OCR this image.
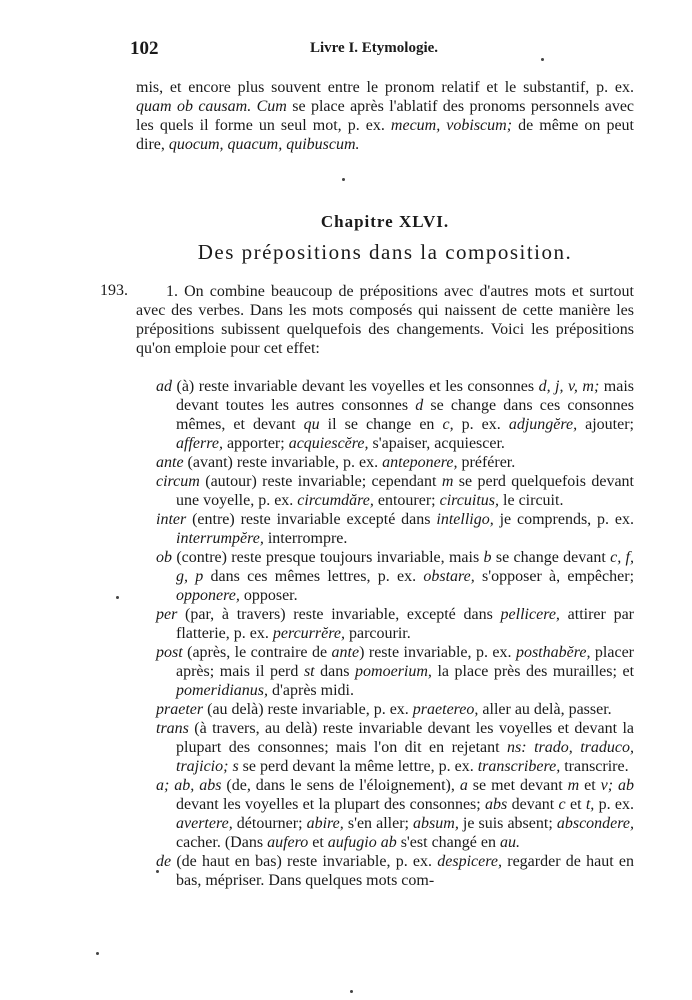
102	Livre I. Etymologie.

mis, et encore plus souvent entre le pronom relatif et le substantif, p. ex. quam ob causam. Cum se place après l'ablatif des pronoms personnels avec les quels il forme un seul mot, p. ex. mecum, vobiscum; de même on peut dire, quocum, quacum, quibuscum.

Chapitre XLVI.
Des prépositions dans la composition.
193.	1. On combine beaucoup de prépositions avec d'autres mots et surtout avec des verbes. Dans les mots composés qui naissent de cette manière les prépositions subissent quelquefois des changements. Voici les prépositions qu'on emploie pour cet effet:

ad (à) reste invariable devant les voyelles et les consonnes d, j, v, m; mais devant toutes les autres consonnes d se change dans ces consonnes mêmes, et devant qu il se change en c, p. ex. adjungĕre, ajouter; afferre, apporter; acquiescĕre, s'apaiser, acquiescer.

ante (avant) reste invariable, p. ex. anteponere, préférer.

circum (autour) reste invariable; cependant m se perd quelquefois devant une voyelle, p. ex. circumdăre, entourer; circuitus, le circuit.

inter (entre) reste invariable excepté dans intelligo, je comprends, p. ex. interrumpĕre, interrompre.

ob (contre) reste presque toujours invariable, mais b se change devant c, f, g, p dans ces mêmes lettres, p. ex. obstare, s'opposer à, empêcher; opponere, opposer.

per (par, à travers) reste invariable, excepté dans pellicere, attirer par flatterie, p. ex. percurrĕre, parcourir.

post (après, le contraire de ante) reste invariable, p. ex. posthabĕre, placer après; mais il perd st dans pomoerium, la place près des murailles; et pomeridianus, d'après midi.

praeter (au delà) reste invariable, p. ex. praetereo, aller au delà, passer.

trans (à travers, au delà) reste invariable devant les voyelles et devant la plupart des consonnes; mais l'on dit en rejetant ns: trado, traduco, trajicio; s se perd devant la même lettre, p. ex. transcribere, transcrire.

a; ab, abs (de, dans le sens de l'éloignement), a se met devant m et v; ab devant les voyelles et la plupart des consonnes; abs devant c et t, p. ex. avertere, détourner; abire, s'en aller; absum, je suis absent; abscondere, cacher. (Dans aufero et aufugio ab s'est changé en au.

de (de haut en bas) reste invariable, p. ex. despicere, regarder de haut en bas, mépriser. Dans quelques mots com-
